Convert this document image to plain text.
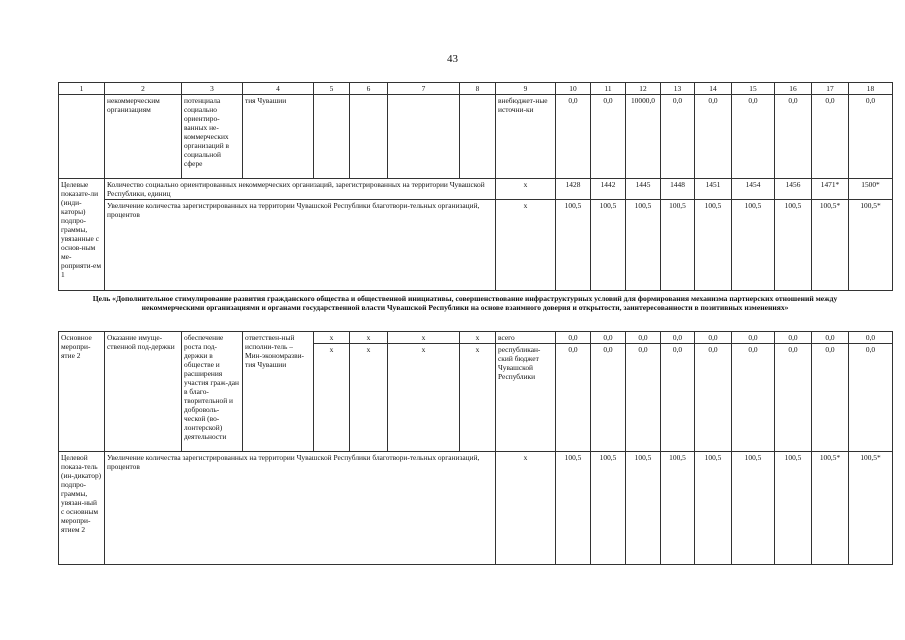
43
1	2	3	4	5	6	7	8	9	10	11	12	13	14	15	16	17	18
	некоммерческим организациям	потенциала социально ориентиро-ванных не-коммерческих организаций в социальной сфере	тия Чувашии					внебюджет-ные источни-ки	0,0	0,0	10000,0	0,0	0,0	0,0	0,0	0,0	0,0
Целевые показате-ли (инди-каторы) подпро-граммы, увязанные с основ-ным ме-роприяти-ем 1	Количество социально ориентированных некоммерческих организаций, зарегистрированных на территории Чувашской Республики, единиц							x	1428	1442	1445	1448	1451	1454	1456	1471*	1500*
	Увеличение количества зарегистрированных на территории Чувашской Республики благотвори-тельных организаций, процентов							x	100,5	100,5	100,5	100,5	100,5	100,5	100,5	100,5*	100,5*
Цель «Дополнительное стимулирование развития гражданского общества и общественной инициативы, совершенствование инфраструктурных условий для формирования механизма партнерских отношений между некоммерческими организациями и органами государственной власти Чувашской Республики на основе взаимного доверия и открытости, заинтересованности в позитивных изменениях»
Основное меропри-ятие 2	Оказание имуще-ственной под-держки	обеспечение роста под-держки в обществе и расширения участия граж-дан в благо-творительной и доброволь-ческой (во-лонтерской) деятельности	ответствен-ный исполни-тель – Мин-экономразви-тия Чувашии	x	x	x	x	всего	0,0	0,0	0,0	0,0	0,0	0,0	0,0	0,0	0,0
				x	x	x	x	республикан-ский бюджет Чувашской Республики	0,0	0,0	0,0	0,0	0,0	0,0	0,0	0,0	0,0
Целевой показа-тель (ин-дикатор) подпро-граммы, увязан-ный с основным меропри-ятием 2	Увеличение количества зарегистрированных на территории Чувашской Республики благотвори-тельных организаций, процентов							x	100,5	100,5	100,5	100,5	100,5	100,5	100,5	100,5*	100,5*
